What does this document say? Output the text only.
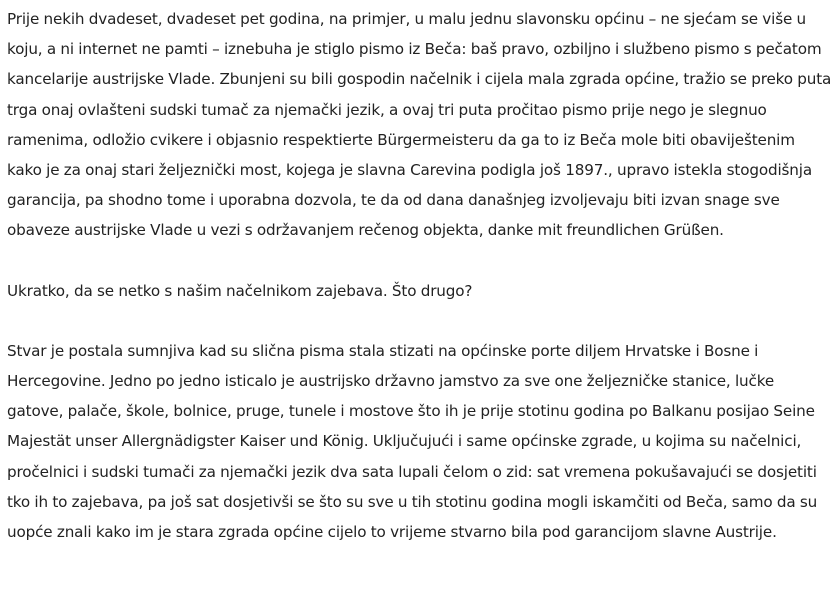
Prije nekih dvadeset, dvadeset pet godina, na primjer, u malu jednu slavonsku općinu – ne sjećam se više u koju, a ni internet ne pamti – iznebuha je stiglo pismo iz Beča: baš pravo, ozbiljno i službeno pismo s pečatom kancelarije austrijske Vlade. Zbunjeni su bili gospodin načelnik i cijela mala zgrada općine, tražio se preko puta trga onaj ovlašteni sudski tumač za njemački jezik, a ovaj tri puta pročitao pismo prije nego je slegnuo ramenima, odložio cvikere i objasnio respektierte Bürgermeisteru da ga to iz Beča mole biti obaviještenim kako je za onaj stari željeznički most, kojega je slavna Carevina podigla još 1897., upravo istekla stogodišnja garancija, pa shodno tome i uporabna dozvola, te da od dana današnjeg izvoljevaju biti izvan snage sve obaveze austrijske Vlade u vezi s održavanjem rečenog objekta, danke mit freundlichen Grüßen.

Ukratko, da se netko s našim načelnikom zajebava. Što drugo?

Stvar je postala sumnjiva kad su slična pisma stala stizati na općinske porte diljem Hrvatske i Bosne i Hercegovine. Jedno po jedno isticalo je austrijsko državno jamstvo za sve one željezničke stanice, lučke gatove, palače, škole, bolnice, pruge, tunele i mostove što ih je prije stotinu godina po Balkanu posijao Seine Majestät unser Allergnädigster Kaiser und König. Uključujući i same općinske zgrade, u kojima su načelnici, pročelnici i sudski tumači za njemački jezik dva sata lupali čelom o zid: sat vremena pokušavajući se dosjetiti tko ih to zajebava, pa još sat dosjetivši se što su sve u tih stotinu godina mogli iskamčiti od Beča, samo da su uopće znali kako im je stara zgrada općine cijelo to vrijeme stvarno bila pod garancijom slavne Austrije.
